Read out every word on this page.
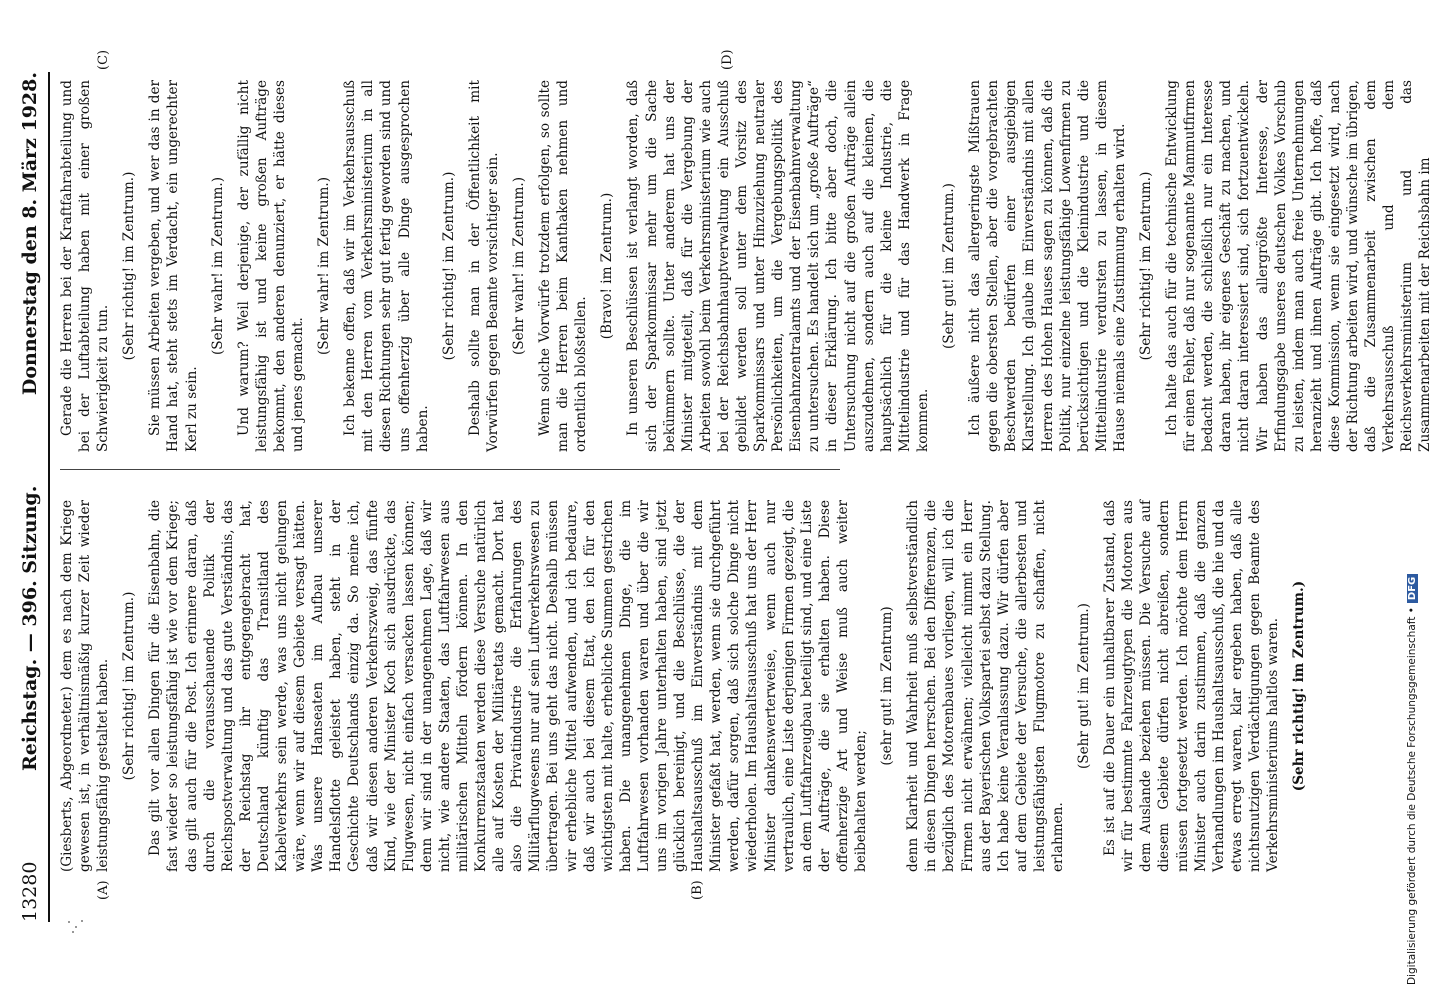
13280
Reichstag. — 396. Sitzung.
Donnerstag den 8. März 1928.
(A)	(B)
(C)	(D)

(Giesberts, Abgeordneter.) dem es nach dem Kriege gewesen ist, in verhältnismäßig kurzer Zeit wieder leistungsfähig gestaltet haben. (Sehr richtig! im Zentrum.) Das gilt vor allen Dingen für die Eisenbahn, die fast wieder so leistungsfähig ist wie vor dem Kriege; das gilt auch für die Post. Ich erinnere daran, daß durch die vorausschauende Politik der Reichspostverwaltung und das gute Verständnis, das der Reichstag ihr entgegengebracht hat, Deutschland künftig das Transitland des Kabelverkehrs sein werde, was uns nicht gelungen wäre, wenn wir auf diesem Gebiete versagt hätten. Was unsere Hanseaten im Aufbau unserer Handelsflotte geleistet haben, steht in der Geschichte Deutschlands einzig da. So meine ich, daß wir diesen anderen Verkehrszweig, das fünfte Kind, wie der Minister Koch sich ausdrückte, das Flugwesen, nicht einfach versacken lassen können; denn wir sind in der unangenehmen Lage, daß wir nicht, wie andere Staaten, das Luftfahrwesen aus militärischen Mitteln fördern können. In den Konkurrenzstaaten werden diese Versuche natürlich alle auf Kosten der Militäretats gemacht. Dort hat also die Privatindustrie die Erfahrungen des Militärflugwesens nur auf sein Luftverkehrswesen zu übertragen. Bei uns geht das nicht. Deshalb müssen wir erhebliche Mittel aufwenden, und ich bedaure, daß wir auch bei diesem Etat, den ich für den wichtigsten mit halte, erhebliche Summen gestrichen haben. Die unangenehmen Dinge, die im Luftfahrwesen vorhanden waren und über die wir uns im vorigen Jahre unterhalten haben, sind jetzt glücklich bereinigt, und die Beschlüsse, die der Haushaltsausschuß im Einverständnis mit dem Minister gefaßt hat, werden, wenn sie durchgeführt werden, dafür sorgen, daß sich solche Dinge nicht wiederholen. Im Haushaltsausschuß hat uns der Herr Minister dankenswerterweise, wenn auch nur vertraulich, eine Liste derjenigen Firmen gezeigt, die an dem Luftfahrzeugbau beteiligt sind, und eine Liste der Aufträge, die sie erhalten haben. Diese offenherzige Art und Weise muß auch weiter beibehalten werden;

(sehr gut! im Zentrum) denn Klarheit und Wahrheit muß selbstverständlich in diesen Dingen herrschen. Bei den Differenzen, die bezüglich des Motorenbaues vorliegen, will ich die Firmen nicht erwähnen; vielleicht nimmt ein Herr aus der Bayerischen Volkspartei selbst dazu Stellung. Ich habe keine Veranlassung dazu. Wir dürfen aber auf dem Gebiete der Versuche, die allerbesten und leistungsfähigsten Flugmotore zu schaffen, nicht erlahmen.

(Sehr gut! im Zentrum.) Es ist auf die Dauer ein unhaltbarer Zustand, daß wir für bestimmte Fahrzeugtypen die Motoren aus dem Auslande beziehen müssen. Die Versuche auf diesem Gebiete dürfen nicht abreißen, sondern müssen fortgesetzt werden. Ich möchte dem Herrn Minister auch darin zustimmen, daß die ganzen Verhandlungen im Haushaltsausschuß, die hie und da etwas erregt waren, klar ergeben haben, daß alle nichtsnutzigen Verdächtigungen gegen Beamte des Verkehrsministeriums haltlos waren. (Sehr richtig! im Zentrum.)

Gerade die Herren bei der Kraftfahrabteilung und bei der Luftabteilung haben mit einer großen Schwierigkeit zu tun.

(Sehr richtig! im Zentrum.) Sie müssen Arbeiten vergeben, und wer das in der Hand hat, steht stets im Verdacht, ein ungerechter Kerl zu sein.

(Sehr wahr! im Zentrum.) Und warum? Weil derjenige, der zufällig nicht leistungsfähig ist und keine großen Aufträge bekommt, den anderen denunziert, er hätte dieses und jenes gemacht.

(Sehr wahr! im Zentrum.) Ich bekenne offen, daß wir im Verkehrsausschuß mit den Herren vom Verkehrsministerium in all diesen Richtungen sehr gut fertig geworden sind und uns offenherzig über alle Dinge ausgesprochen haben.

(Sehr richtig! im Zentrum.) Deshalb sollte man in der Öffentlichkeit mit Vorwürfen gegen Beamte vorsichtiger sein. (Sehr wahr! im Zentrum.) Wenn solche Vorwürfe trotzdem erfolgen, so sollte man die Herren beim Kanthaken nehmen und ordentlich bloßstellen.

(Bravo! im Zentrum.) In unseren Beschlüssen ist verlangt worden, daß sich der Sparkommissar mehr um die Sache bekümmern sollte. Unter anderem hat uns der Minister mitgeteilt, daß für die Vergebung der Arbeiten sowohl beim Verkehrsministerium wie auch bei der Reichsbahnhauptverwaltung ein Ausschuß gebildet werden soll unter dem Vorsitz des Sparkommissars und unter Hinzuziehung neutraler Persönlichkeiten, um die Vergebungspolitik des Eisenbahnzentralamts und der Eisenbahnverwaltung zu untersuchen. Es handelt sich um „große Aufträge“ in dieser Erklärung. Ich bitte aber doch, die Untersuchung nicht auf die großen Aufträge allein auszudehnen, sondern auch auf die kleinen, die hauptsächlich für die kleine Industrie, die Mittelindustrie und für das Handwerk in Frage kommen.

(Sehr gut! im Zentrum.) Ich äußere nicht das allergeringste Mißtrauen gegen die obersten Stellen, aber die vorgebrachten Beschwerden bedürfen einer ausgiebigen Klarstellung. Ich glaube im Einverständnis mit allen Herren des Hohen Hauses sagen zu können, daß die Politik, nur einzelne leistungsfähige Lowenfirmen zu berücksichtigen und die Kleinindustrie und die Mittelindustrie verdursten zu lassen, in diesem Hause niemals eine Zustimmung erhalten wird. (Sehr richtig! im Zentrum.) Ich halte das auch für die technische Entwicklung für einen Fehler, daß nur sogenannte Mammutfirmen bedacht werden, die schließlich nur ein Interesse daran haben, ihr eigenes Geschäft zu machen, und nicht daran interessiert sind, sich fortzuentwickeln. Wir haben das allergrößte Interesse, der Erfindungsgabe unseres deutschen Volkes Vorschub zu leisten, indem man auch freie Unternehmungen heranzieht und ihnen Aufträge gibt. Ich hoffe, daß diese Kommission, wenn sie eingesetzt wird, nach der Richtung arbeiten wird, und wünsche im übrigen, daß die Zusammenarbeit zwischen dem Verkehrsausschuß und dem Reichsverkehrsministerium und das Zusammenarbeiten mit der Reichsbahn im

Digitalisierung gefördert durch die Deutsche Forschungsgemeinschaft •DFG
